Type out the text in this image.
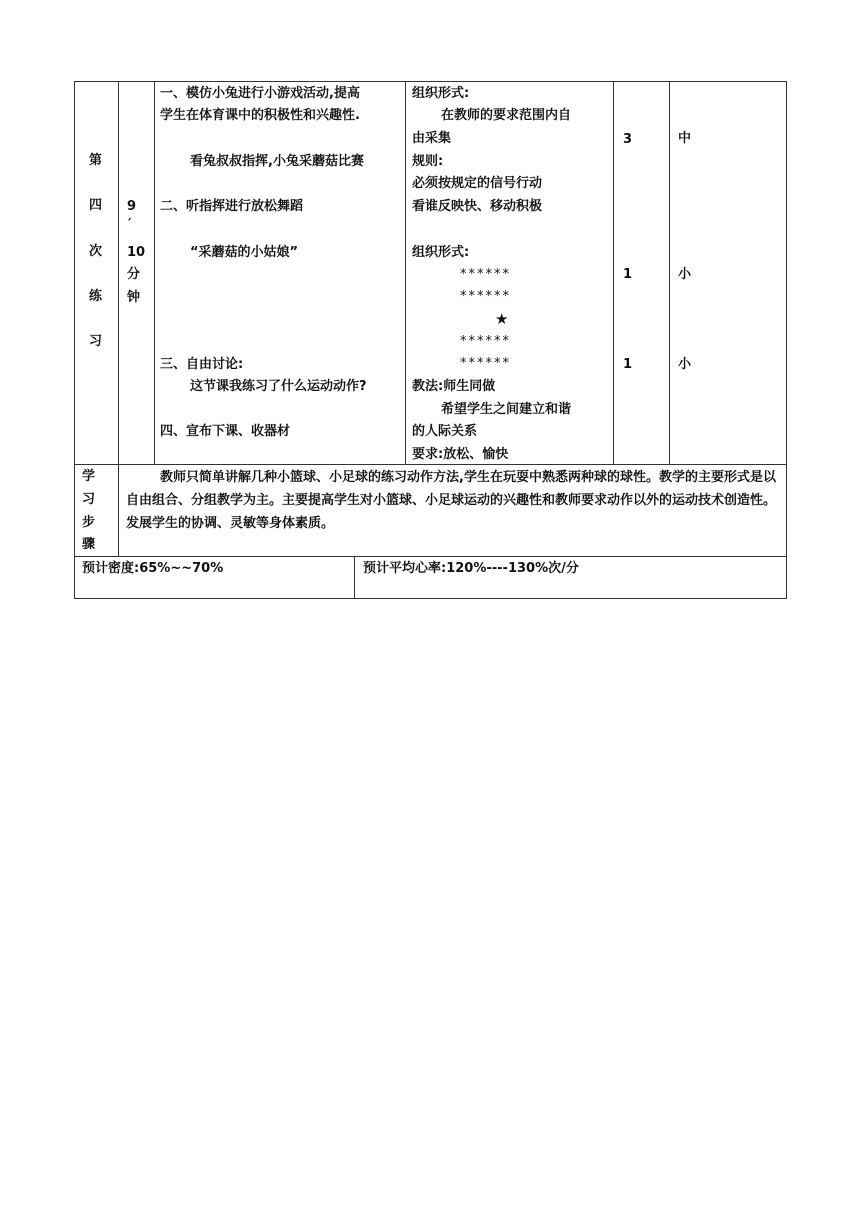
第
四
次
练
习
9
′
10
分
钟
一、模仿小兔进行小游戏活动,提高
学生在体育课中的积极性和兴趣性.
看兔叔叔指挥,小兔采蘑菇比赛
二、听指挥进行放松舞蹈
“采蘑菇的小姑娘”
三、自由讨论:
这节课我练习了什么运动动作?
四、宣布下课、收器材
组织形式:
在教师的要求范围内自
由采集
规则:
必须按规定的信号行动
看谁反映快、移动积极
组织形式:
******
******
★
******
******
教法:师生同做
希望学生之间建立和谐
的人际关系
要求:放松、愉快
3
1
1
中
小
小
学
习
步
骤
教师只简单讲解几种小篮球、小足球的练习动作方法,学生在玩耍中熟悉两种球的球性。教学的主要形式是以自由组合、分组教学为主。主要提高学生对小篮球、小足球运动的兴趣性和教师要求动作以外的运动技术创造性。发展学生的协调、灵敏等身体素质。
预计密度:65%~~70%	预计平均心率:120%----130%次/分
